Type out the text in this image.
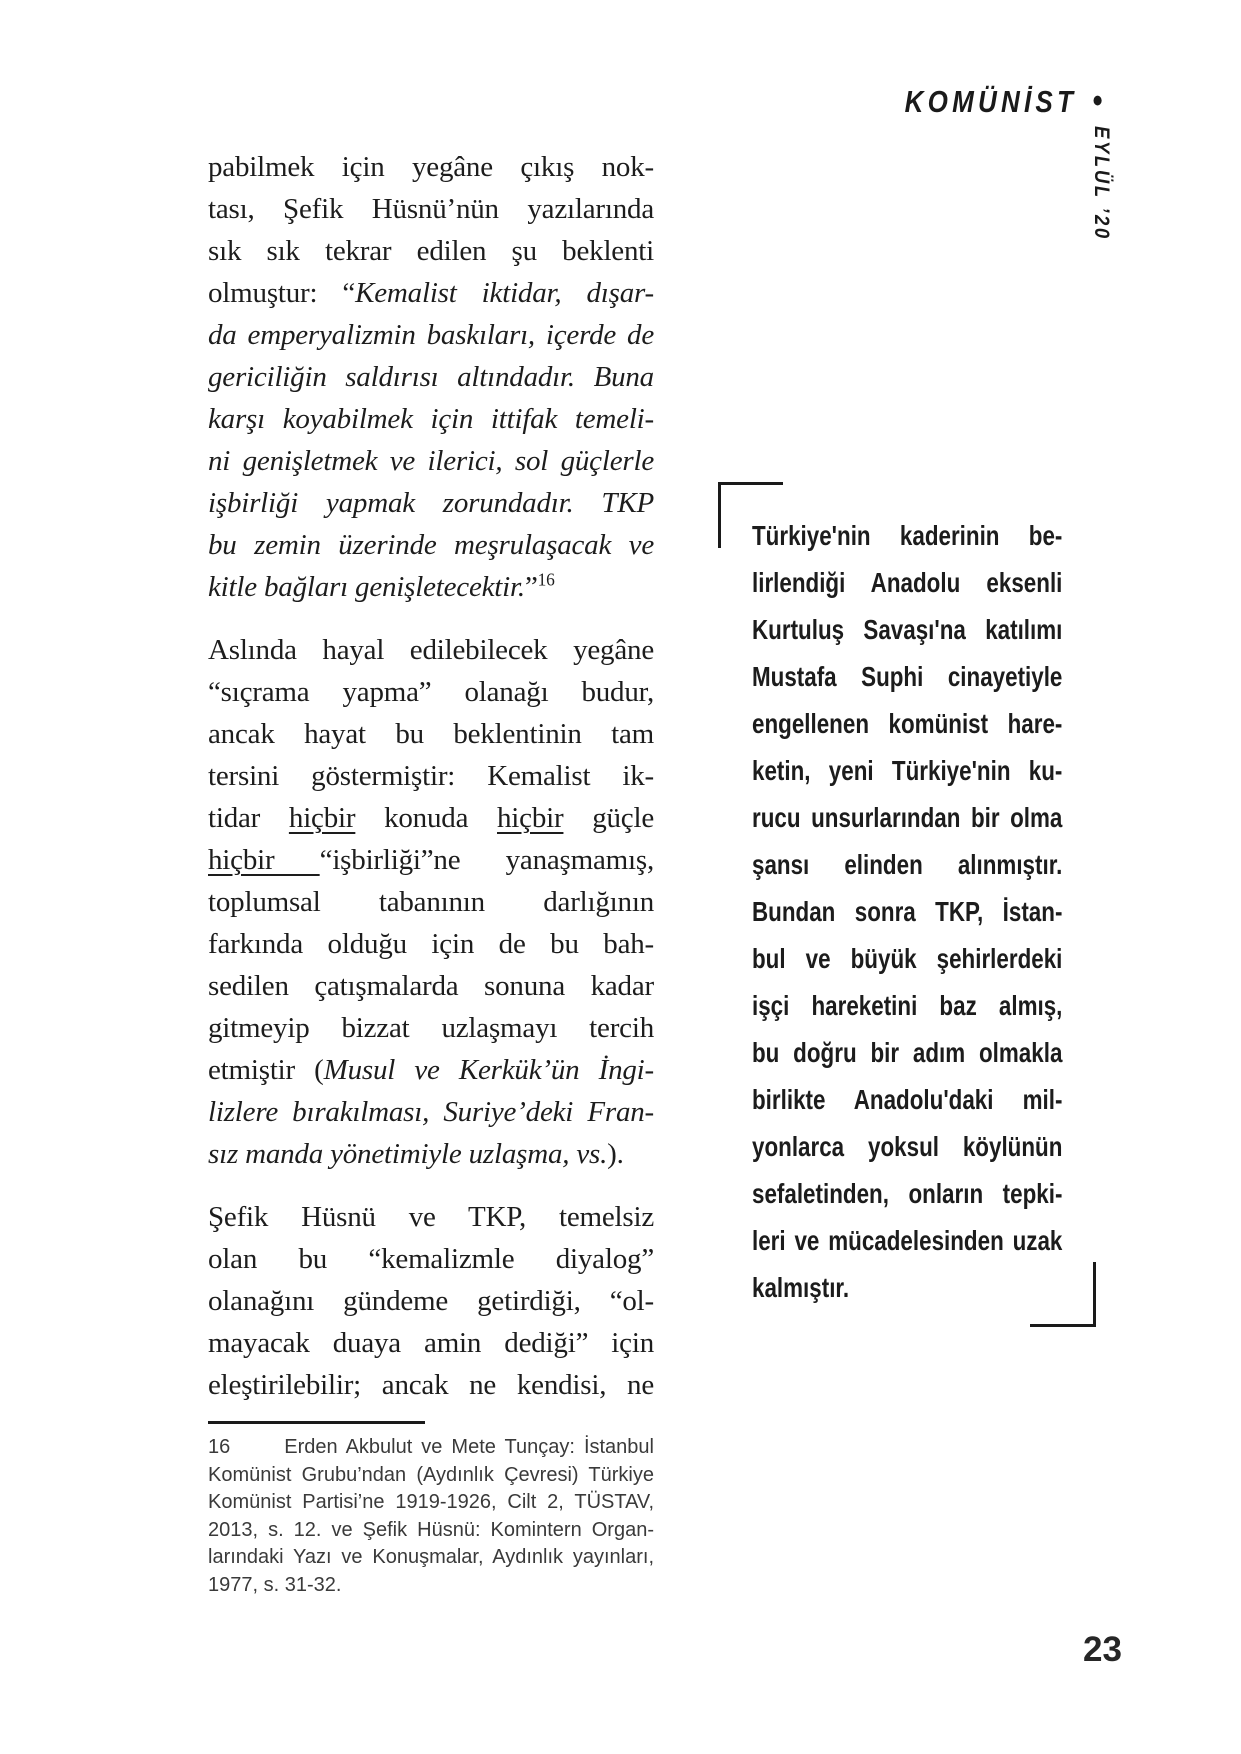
KOMÜNİST •
EYLÜL ’20
pabilmek için yegâne çıkış nok-
tası, Şefik Hüsnü’nün yazılarında
sık sık tekrar edilen şu beklenti
olmuştur: “Kemalist iktidar, dışar-
da emperyalizmin baskıları, içerde de
gericiliğin saldırısı altındadır. Buna
karşı koyabilmek için ittifak temeli-
ni genişletmek ve ilerici, sol güçlerle
işbirliği yapmak zorundadır. TKP
bu zemin üzerinde meşrulaşacak ve
kitle bağları genişletecektir.”$^{16}$
Aslında hayal edilebilecek yegâne
“sıçrama yapma” olanağı budur,
ancak hayat bu beklentinin tam
tersini göstermiştir: Kemalist ik-
tidar hiçbir konuda hiçbir güçle
hiçbir “işbirliği”ne yanaşmamış,
toplumsal tabanının darlığının
farkında olduğu için de bu bah-
sedilen çatışmalarda sonuna kadar
gitmeyip bizzat uzlaşmayı tercih
etmiştir (Musul ve Kerkük’ün İngi-
lizlere bırakılması, Suriye’deki Fran-
sız manda yönetimiyle uzlaşma, vs.).
Şefik Hüsnü ve TKP, temelsiz
olan bu “kemalizmle diyalog”
olanağını gündeme getirdiği, “ol-
mayacak duaya amin dediği” için
eleştirilebilir; ancak ne kendisi, ne
Türkiye'nin kaderinin be-
lirlendiği Anadolu eksenli
Kurtuluş Savaşı'na katılımı
Mustafa Suphi cinayetiyle
engellenen komünist hare-
ketin, yeni Türkiye'nin ku-
rucu unsurlarından bir olma
şansı elinden alınmıştır.
Bundan sonra TKP, İstan-
bul ve büyük şehirlerdeki
işçi hareketini baz almış,
bu doğru bir adım olmakla
birlikte Anadolu'daki mil-
yonlarca yoksul köylünün
sefaletinden, onların tepki-
leri ve mücadelesinden uzak
kalmıştır.
16      Erden Akbulut ve Mete Tunçay: İstanbul
Komünist Grubu’ndan (Aydınlık Çevresi) Türkiye
Komünist Partisi’ne 1919-1926, Cilt 2, TÜSTAV,
2013, s. 12. ve Şefik Hüsnü: Komintern Organ-
larındaki Yazı ve Konuşmalar, Aydınlık yayınları,
1977, s. 31-32.
23
